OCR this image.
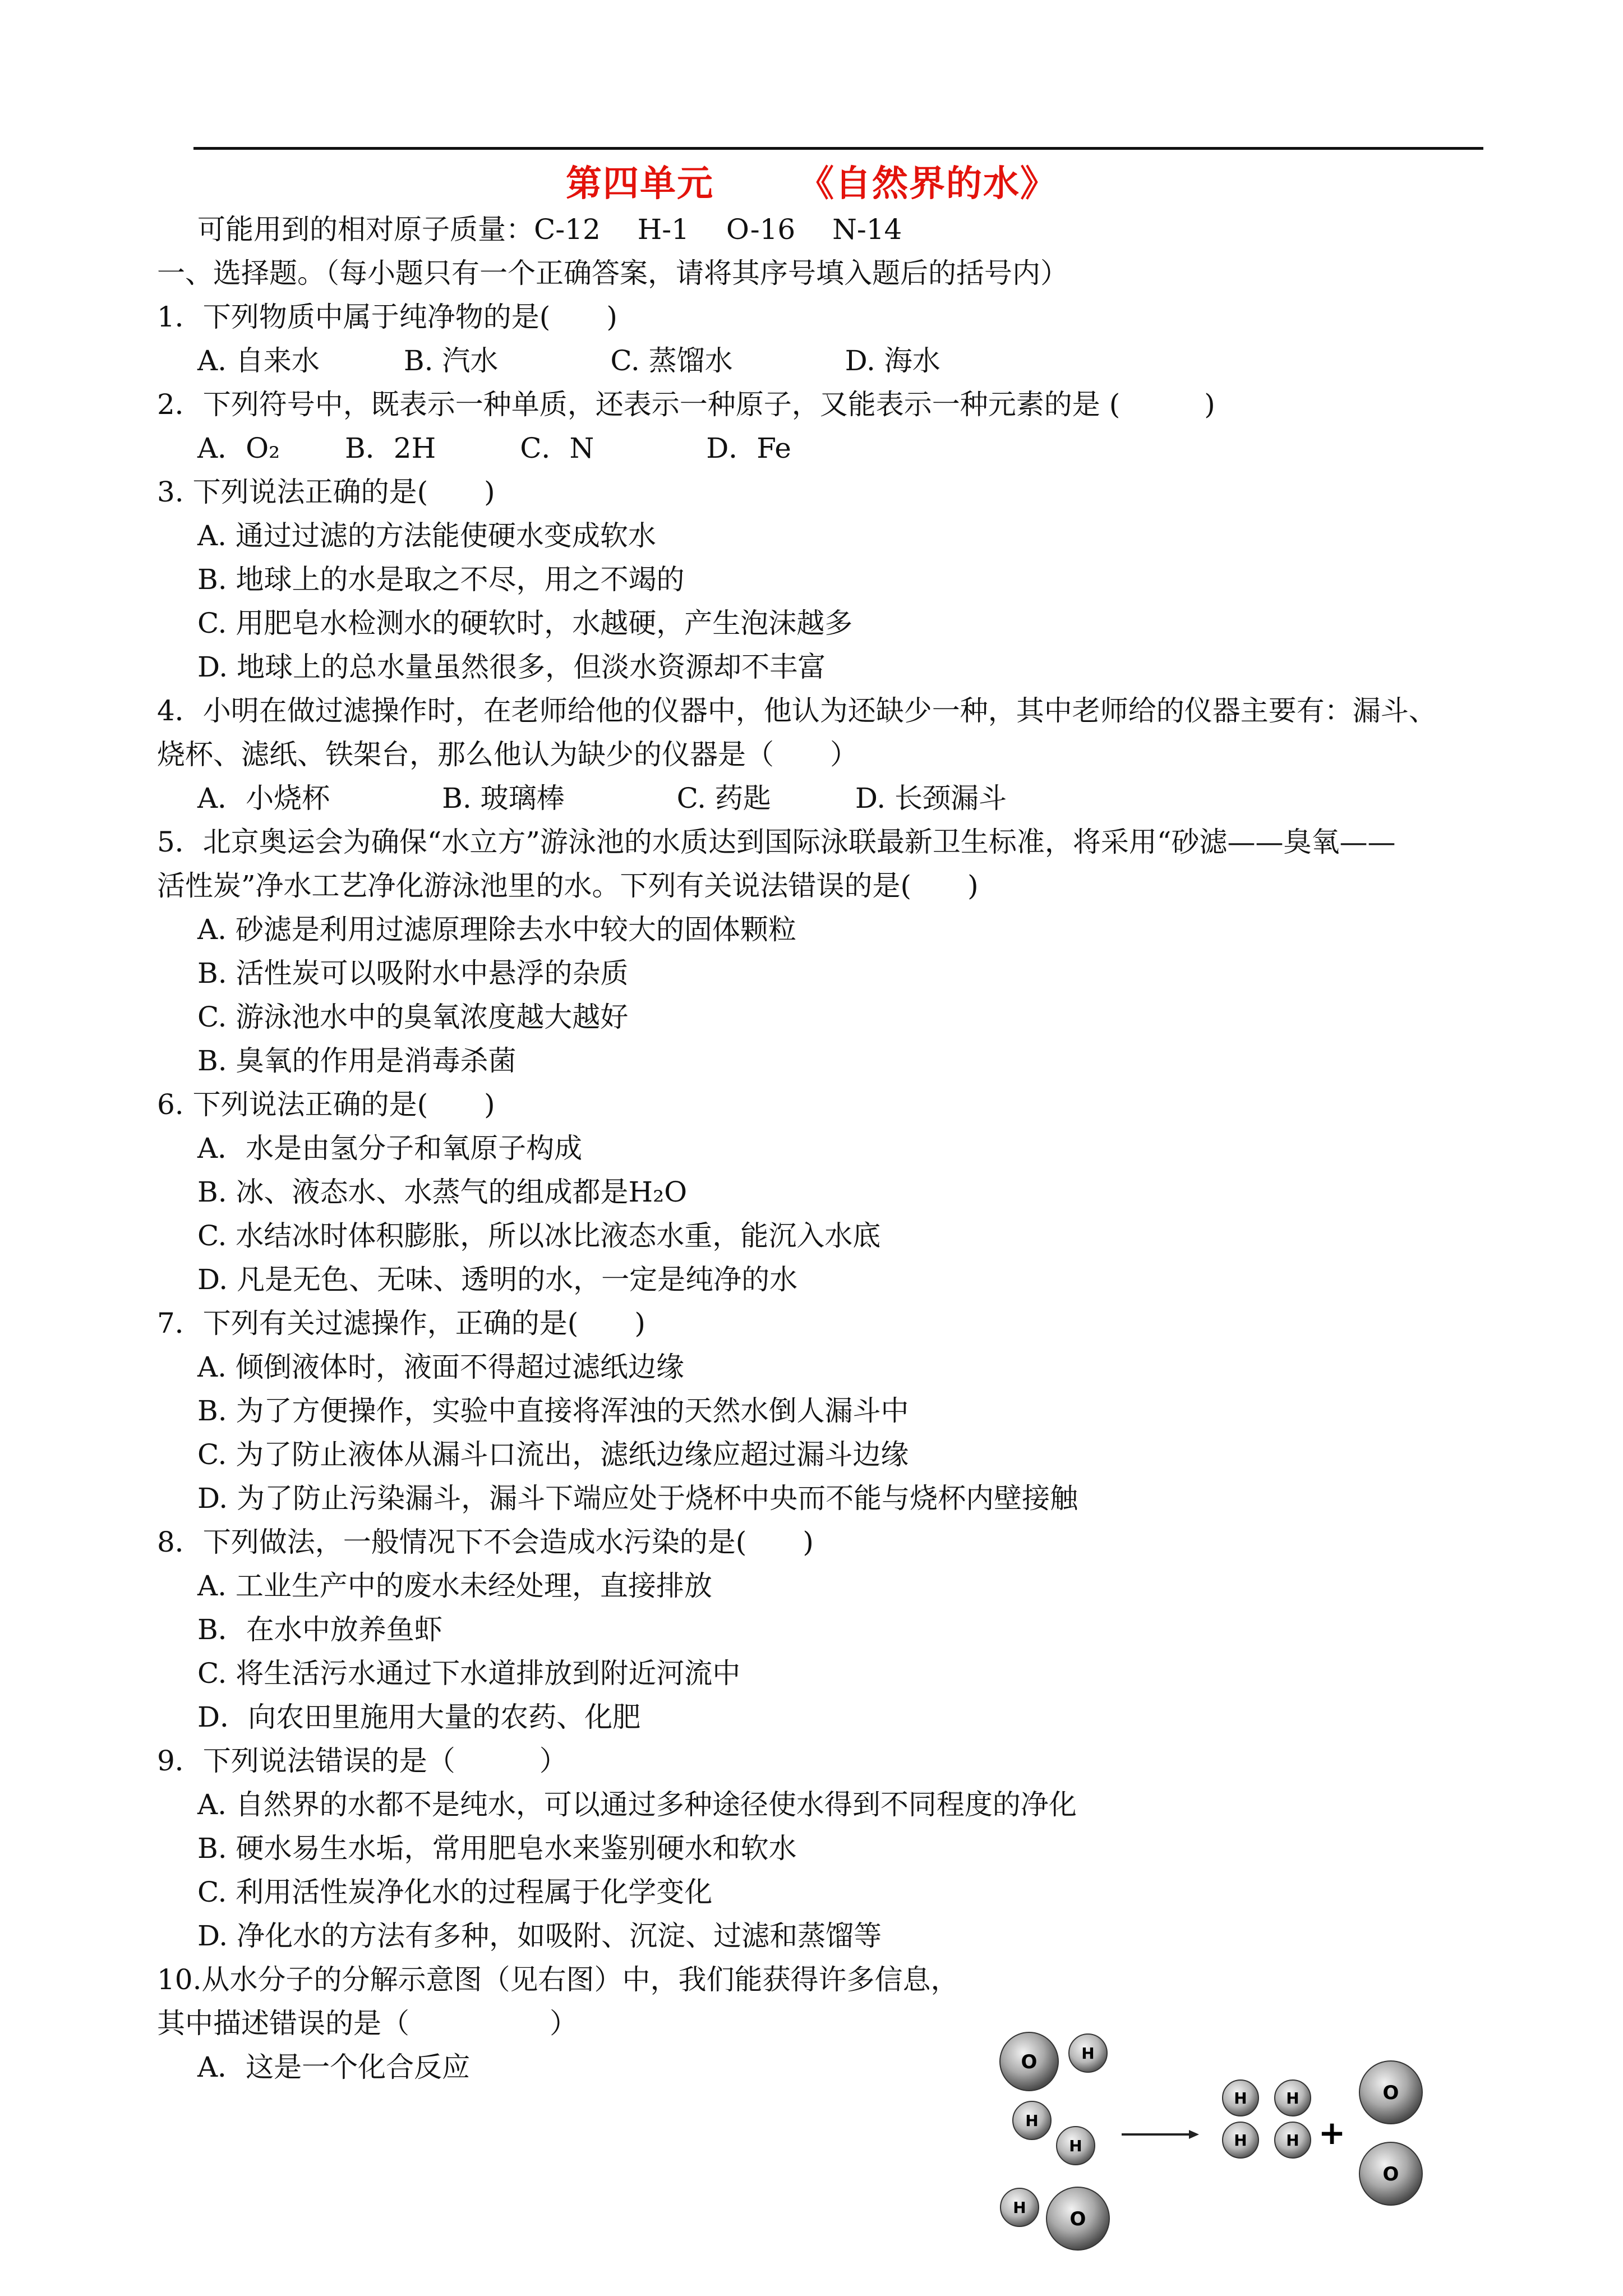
第四单元 《自然界的水》
可能用到的相对原子质量：C-12　 H-1　 O-16　 N-14
一、选择题。（每小题只有一个正确答案，请将其序号填入题后的括号内）
1．下列物质中属于纯净物的是(　　)
A. 自来水　　　B. 汽水　　　　C. 蒸馏水　　　　D. 海水
2．下列符号中，既表示一种单质，还表示一种原子，又能表示一种元素的是 (　　　)
A．O₂　　 B．2H　　　C．N　　　　D．Fe
3. 下列说法正确的是(　　)
A. 通过过滤的方法能使硬水变成软水
B. 地球上的水是取之不尽，用之不竭的
C. 用肥皂水检测水的硬软时，水越硬，产生泡沫越多
D. 地球上的总水量虽然很多，但淡水资源却不丰富
4．小明在做过滤操作时，在老师给他的仪器中，他认为还缺少一种，其中老师给的仪器主要有：漏斗、
烧杯、滤纸、铁架台，那么他认为缺少的仪器是（　　）
A．小烧杯　　　　B. 玻璃棒　　　　C. 药匙　　　D. 长颈漏斗
5．北京奥运会为确保“水立方”游泳池的水质达到国际泳联最新卫生标准，将采用“砂滤——臭氧——
活性炭”净水工艺净化游泳池里的水。下列有关说法错误的是(　　)
A. 砂滤是利用过滤原理除去水中较大的固体颗粒
B. 活性炭可以吸附水中悬浮的杂质
C. 游泳池水中的臭氧浓度越大越好
B. 臭氧的作用是消毒杀菌
6. 下列说法正确的是(　　)
A．水是由氢分子和氧原子构成
B. 冰、液态水、水蒸气的组成都是H₂O
C. 水结冰时体积膨胀，所以冰比液态水重，能沉入水底
D. 凡是无色、无味、透明的水，一定是纯净的水
7．下列有关过滤操作，正确的是(　　)
A. 倾倒液体时，液面不得超过滤纸边缘
B. 为了方便操作，实验中直接将浑浊的天然水倒人漏斗中
C. 为了防止液体从漏斗口流出，滤纸边缘应超过漏斗边缘
D. 为了防止污染漏斗，漏斗下端应处于烧杯中央而不能与烧杯内壁接触
8．下列做法，一般情况下不会造成水污染的是(　　)
A. 工业生产中的废水未经处理，直接排放
B．在水中放养鱼虾
C. 将生活污水通过下水道排放到附近河流中
D．向农田里施用大量的农药、化肥
9．下列说法错误的是（　　　）
A. 自然界的水都不是纯水，可以通过多种途径使水得到不同程度的净化
B. 硬水易生水垢，常用肥皂水来鉴别硬水和软水
C. 利用活性炭净化水的过程属于化学变化
D. 净化水的方法有多种，如吸附、沉淀、过滤和蒸馏等
10.从水分子的分解示意图（见右图）中，我们能获得许多信息，
其中描述错误的是（　　　　　）
A．这是一个化合反应	O	H
H
H
H
O
H
H
H
H
O
O
+
